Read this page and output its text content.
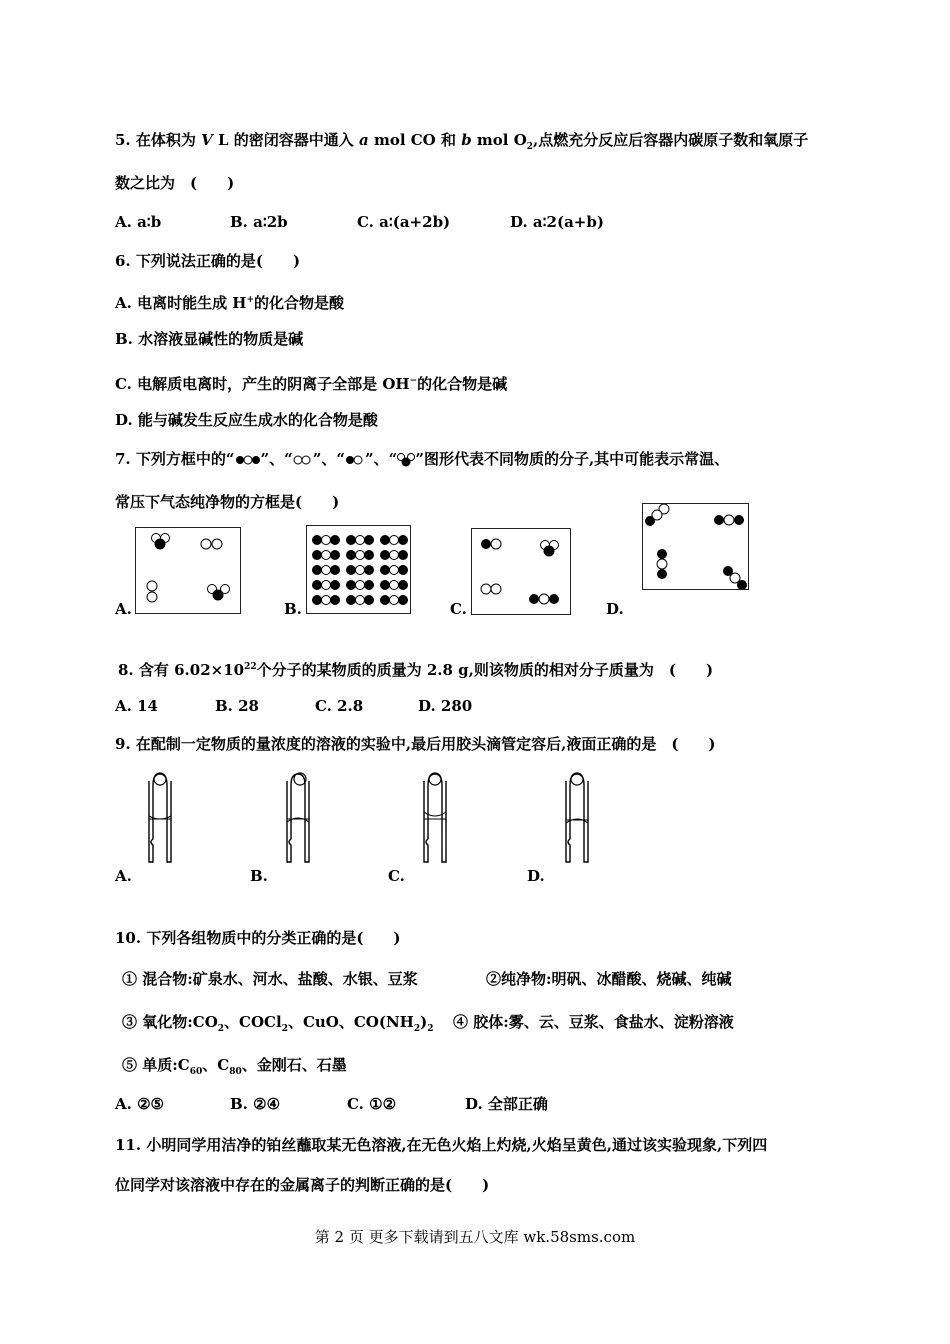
5. 在体积为 V L 的密闭容器中通入 a mol CO 和 b mol $O_2$,点燃充分反应后容器内碳原子数和氧原子
数之比为　(　　)
A. a∶b	B. a∶2b	C. a∶(a+2b)	D. a∶2(a+b)
6. 下列说法正确的是(　　)
A. 电离时能生成 H+的化合物是酸
B. 水溶液显碱性的物质是碱
C. 电解质电离时，产生的阴离子全部是 OH−的化合物是碱
D. 能与碱发生反应生成水的化合物是酸
7. 下列方框中的“ ”、“ ”、“ ”、“ ”图形代表不同物质的分子,其中可能表示常温、
常压下气态纯净物的方框是(　　)
A.	B.	C.	D.
8. 含有 $6.02\times 10^{22}$个分子的某物质的质量为 2.8 g,则该物质的相对分子质量为　(　　)
A. 14	B. 28	C. 2.8	D. 280
9. 在配制一定物质的量浓度的溶液的实验中,最后用胶头滴管定容后,液面正确的是　(　　)
A.	B.	C.	D.
10. 下列各组物质中的分类正确的是(　　)
① 混合物:矿泉水、河水、盐酸、水银、豆浆	②纯净物:明矾、冰醋酸、烧碱、纯碱
③ 氧化物$:CO_2$、COCl$_2$、CuO、$CO(NH_2)_2$ ④ 胶体:雾、云、豆浆、食盐水、淀粉溶液
⑤ 单质$:C_{60}$、$C_{80}$、金刚石、石墨
A. ②⑤	B. ②④	C. ①②	D. 全部正确
11. 小明同学用洁净的铂丝蘸取某无色溶液,在无色火焰上灼烧,火焰呈黄色,通过该实验现象,下列四
位同学对该溶液中存在的金属离子的判断正确的是(　　)
第 2 页 更多下载请到五八文库 wk.58sms.com
